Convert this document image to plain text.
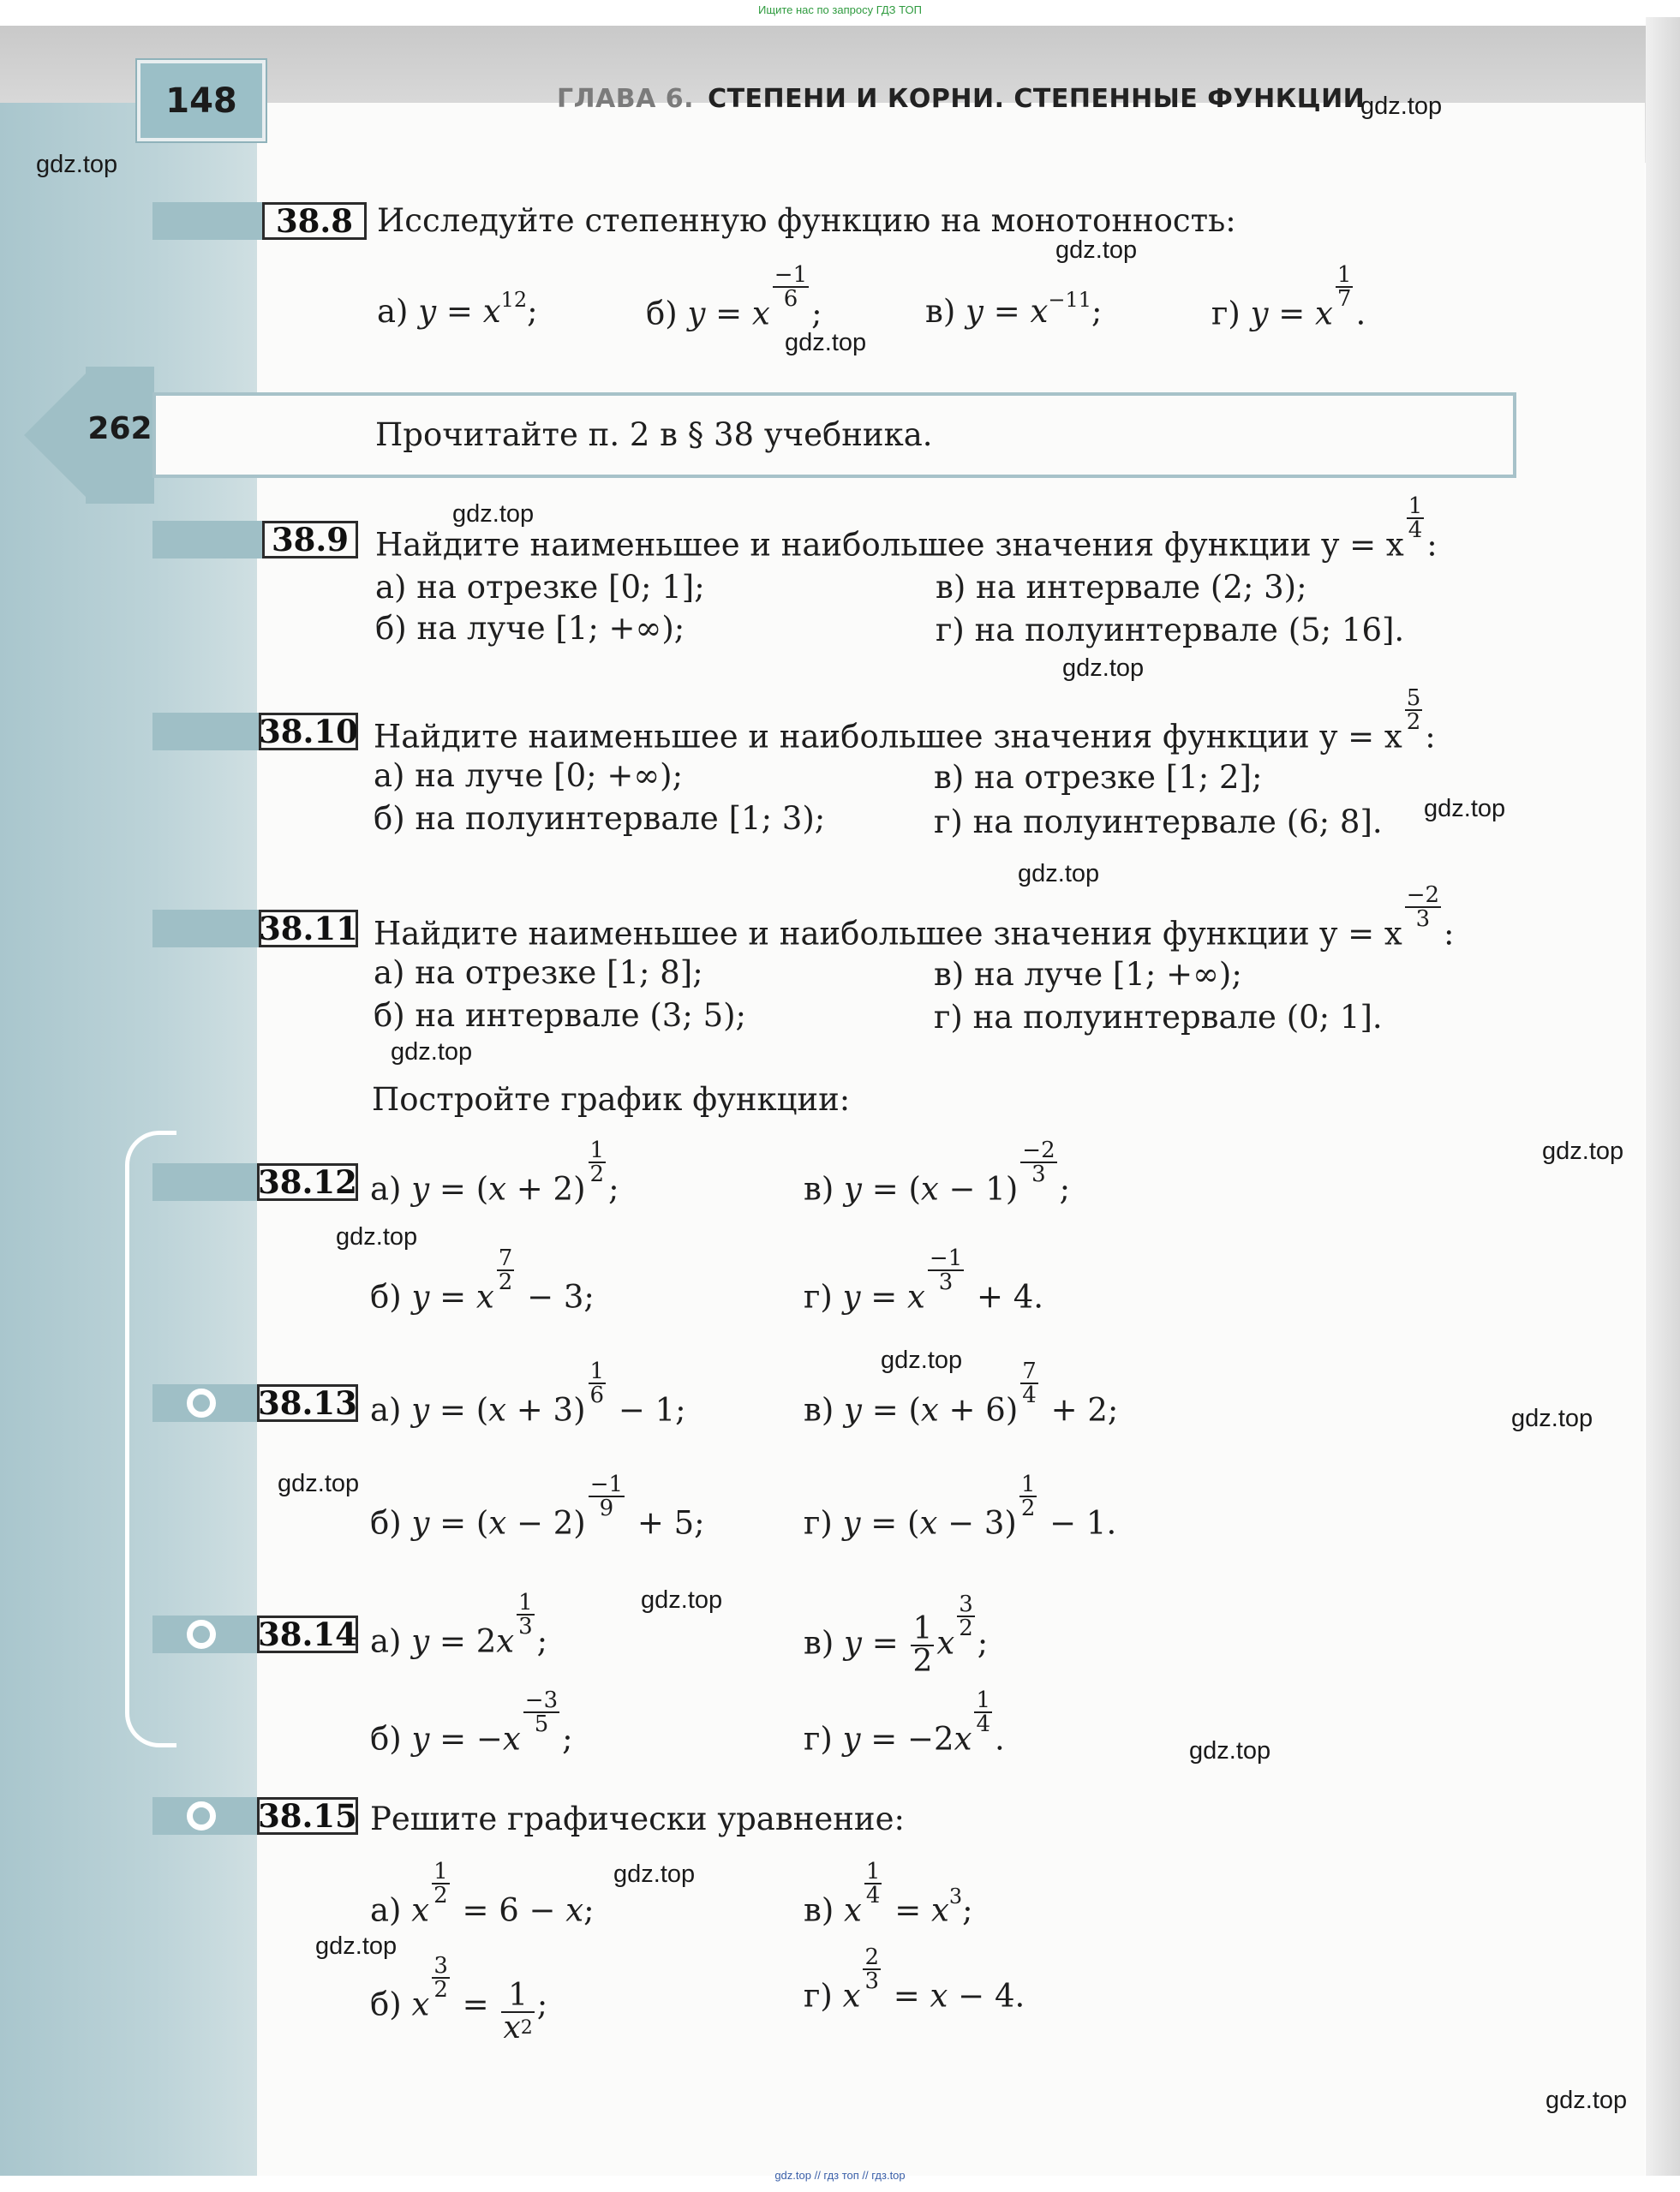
Ищите нас по запросу ГДЗ ТОП
148	ГЛАВА 6. СТЕПЕНИ И КОРНИ. СТЕПЕННЫЕ ФУНКЦИИ
gdz.top
gdz.top
gdz.top
gdz.top
gdz.top
gdz.top
gdz.top
gdz.top
gdz.top
gdz.top
gdz.top
gdz.top
gdz.top
gdz.top
gdz.top
gdz.top
gdz.top
gdz.top
gdz.top
38.8 Исследуйте степенную функцию на монотонность:
а) $y = x^{12}$;	б) y = x
$\frac{-1}{6}$
;	в) $y = x^{-11}$;	г) y = x
$\frac{1}{7}$
.
262	Прочитайте п. 2 в § 38 учебника.
38.9 Найдите наименьшее и наибольшее значения функции y = x
$\frac{1}{4}$
:
а) на отрезке [0; 1];
б) на луче [1; +∞);
в) на интервале (2; 3);
г) на полуинтервале (5; 16].
38.10 Найдите наименьшее и наибольшее значения функции y = x
$\frac{5}{2}$
:
а) на луче [0; +∞);
б) на полуинтервале [1; 3);
в) на отрезке [1; 2];
г) на полуинтервале (6; 8].
38.11 Найдите наименьшее и наибольшее значения функции y = x
$\frac{-2}{3}$
:
а) на отрезке [1; 8];
б) на интервале (3; 5);
в) на луче [1; +∞);
г) на полуинтервале (0; 1].
Постройте график функции:
38.12 а) y = (x + 2)
$\frac{1}{2}$
;	в) y = (x − 1)
$\frac{-2}{3}$
;
б) y = x
$\frac{7}{2}$
− 3;	г) y = x
$\frac{-1}{3}$
+ 4.
38.13 а) y = (x + 3)
$\frac{1}{6}$
− 1;	в) y = (x + 6)
$\frac{7}{4}$
+ 2;
б) y = (x − 2)
$\frac{-1}{9}$
+ 5;	г) y = (x − 3)
$\frac{1}{2}$
− 1.
38.14 а) y = 2x
$\frac{1}{3}$
;	в) $y = \frac{1}{2}$ x
$\frac{3}{2}$
;
б) y = −x
$\frac{-3}{5}$
;	г) y = −2x
$\frac{1}{4}$
.
38.15 Решите графически уравнение:
а) x
$\frac{1}{2}$
= 6 − x;	в) x
$\frac{1}{4}$
= $x^3$;
б) x
$\frac{3}{2}$
= $\frac{1}{x^2}$ ;	г) x
$\frac{2}{3}$
= x − 4.
gdz.top // гдз топ // гдз.top
